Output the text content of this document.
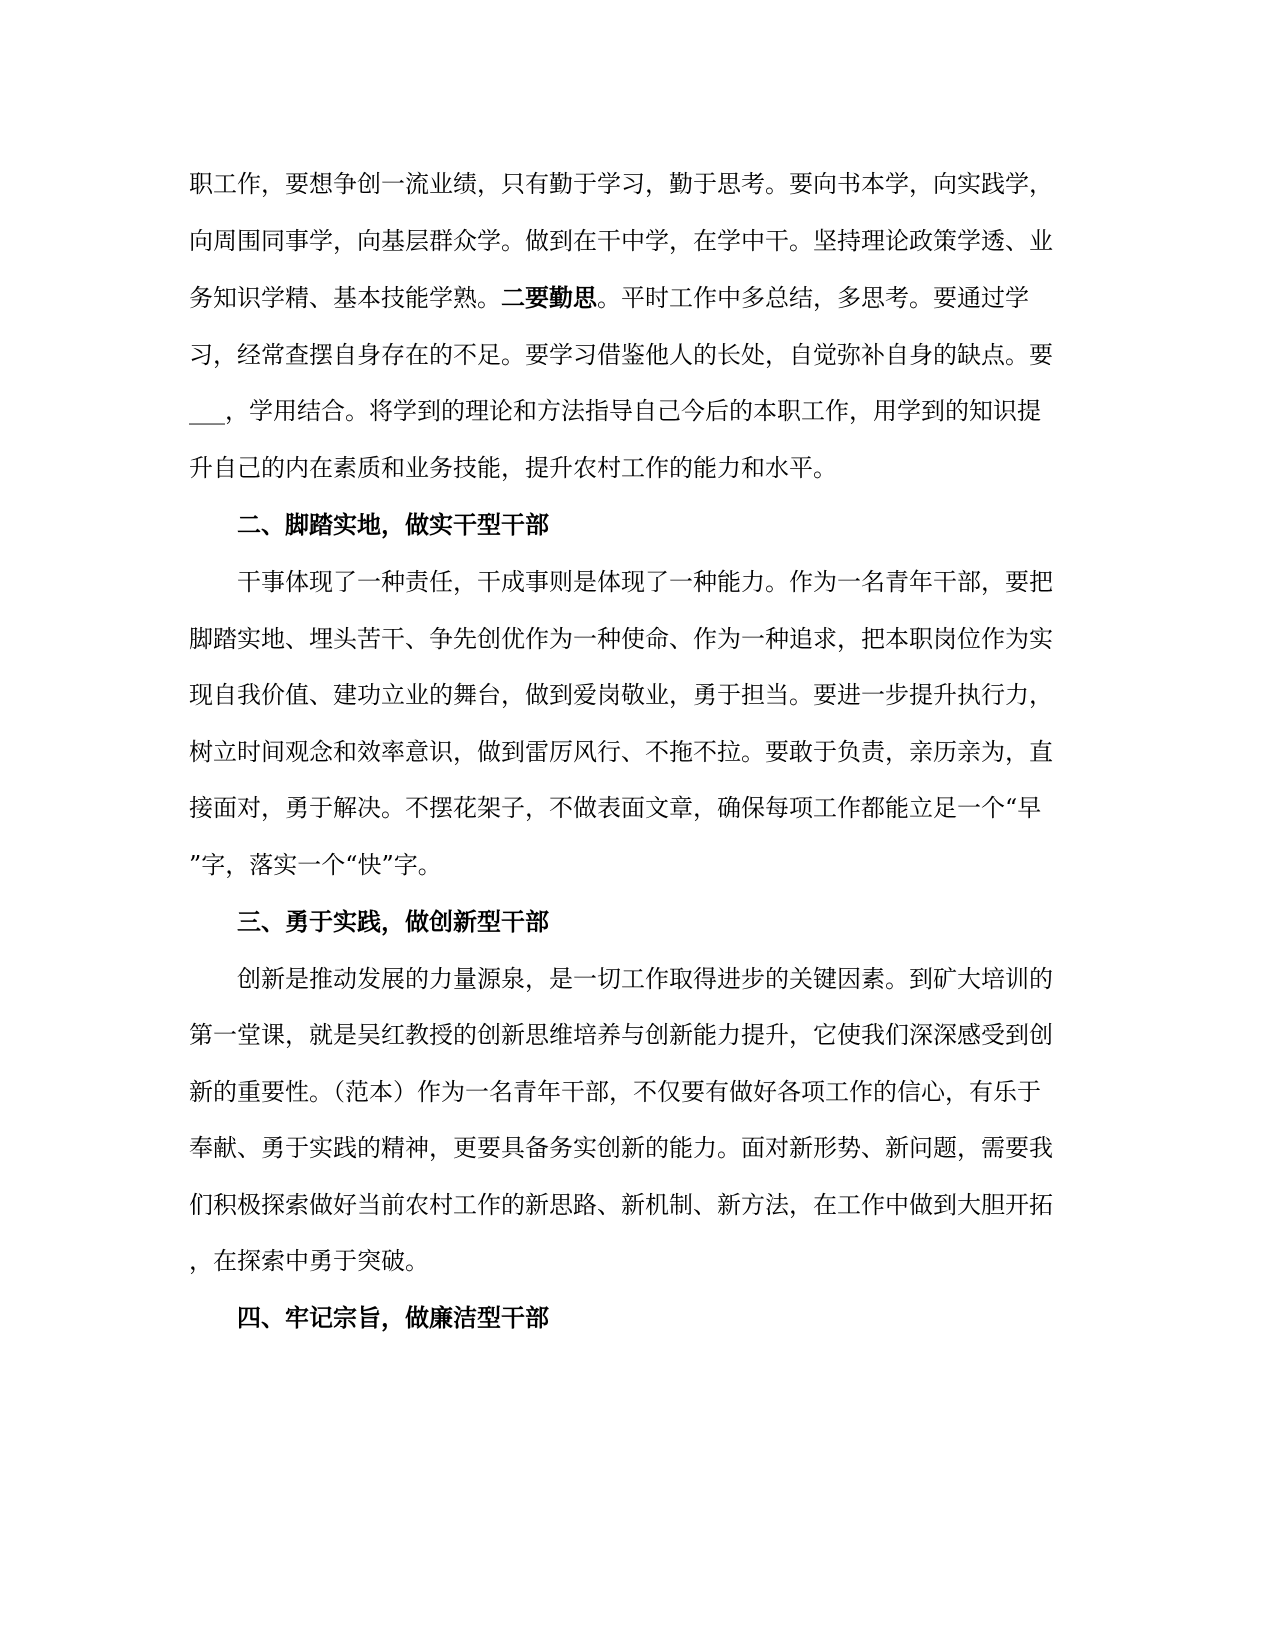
职工作，要想争创一流业绩，只有勤于学习，勤于思考。要向书本学，向实践学，
向周围同事学，向基层群众学。做到在干中学，在学中干。坚持理论政策学透、业
务知识学精、基本技能学熟。二要勤思。平时工作中多总结，多思考。要通过学
习，经常查摆自身存在的不足。要学习借鉴他人的长处，自觉弥补自身的缺点。要
___，学用结合。将学到的理论和方法指导自己今后的本职工作，用学到的知识提
升自己的内在素质和业务技能，提升农村工作的能力和水平。
二、脚踏实地，做实干型干部
干事体现了一种责任，干成事则是体现了一种能力。作为一名青年干部，要把
脚踏实地、埋头苦干、争先创优作为一种使命、作为一种追求，把本职岗位作为实
现自我价值、建功立业的舞台，做到爱岗敬业，勇于担当。要进一步提升执行力，
树立时间观念和效率意识，做到雷厉风行、不拖不拉。要敢于负责，亲历亲为，直
接面对，勇于解决。不摆花架子，不做表面文章，确保每项工作都能立足一个“早
”字，落实一个“快”字。
三、勇于实践，做创新型干部
创新是推动发展的力量源泉，是一切工作取得进步的关键因素。到矿大培训的
第一堂课，就是吴红教授的创新思维培养与创新能力提升，它使我们深深感受到创
新的重要性。（范本）作为一名青年干部，不仅要有做好各项工作的信心，有乐于
奉献、勇于实践的精神，更要具备务实创新的能力。面对新形势、新问题，需要我
们积极探索做好当前农村工作的新思路、新机制、新方法，在工作中做到大胆开拓
，在探索中勇于突破。
四、牢记宗旨，做廉洁型干部
